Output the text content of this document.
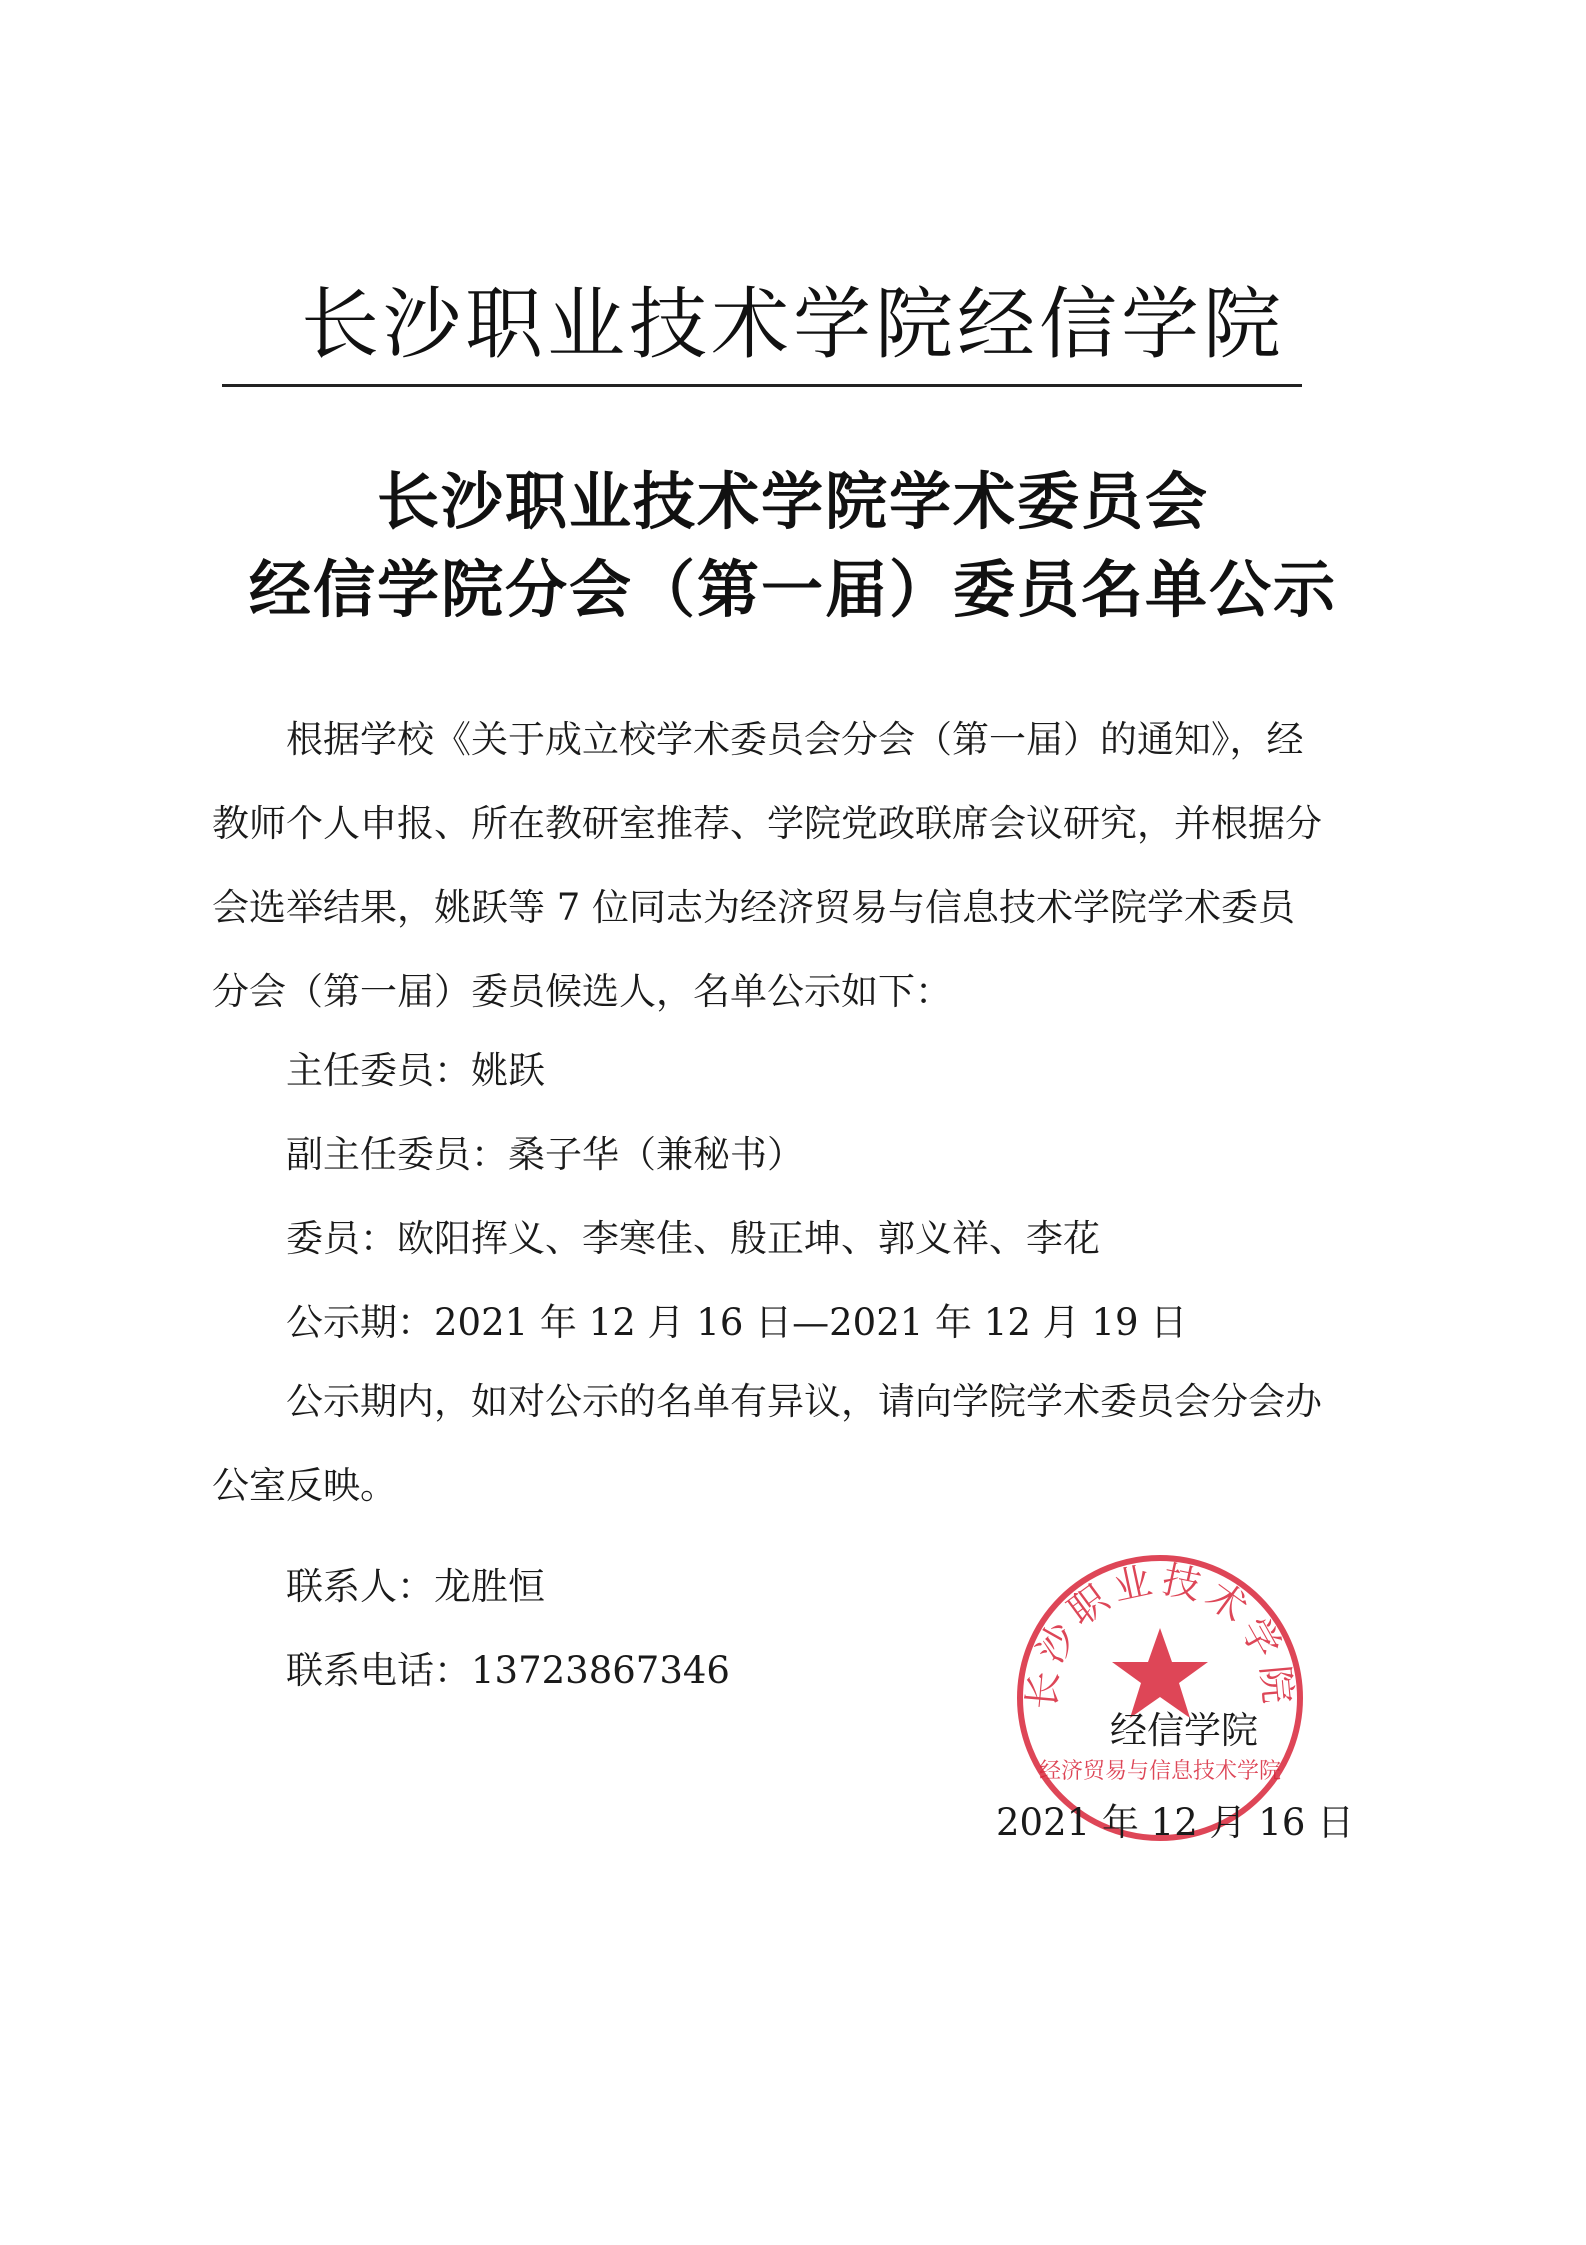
长沙职业技术学院经信学院
长沙职业技术学院学术委员会
经信学院分会（第一届）委员名单公示
根据学校《关于成立校学术委员会分会（第一届）的通知》，经教师个人申报、所在教研室推荐、学院党政联席会议研究，并根据分会选举结果，姚跃等 7 位同志为经济贸易与信息技术学院学术委员分会（第一届）委员候选人，名单公示如下：
主任委员：姚跃
副主任委员：桑子华（兼秘书）
委员：欧阳挥义、李寒佳、殷正坤、郭义祥、李花
公示期：2021 年 12 月 16 日—2021 年 12 月 19 日
公示期内，如对公示的名单有异议，请向学院学术委员会分会办公室反映。
联系人：龙胜恒
联系电话：13723867346	长沙职业技术学院
经济贸易与信息技术学院
经信学院
2021 年 12 月 16 日
